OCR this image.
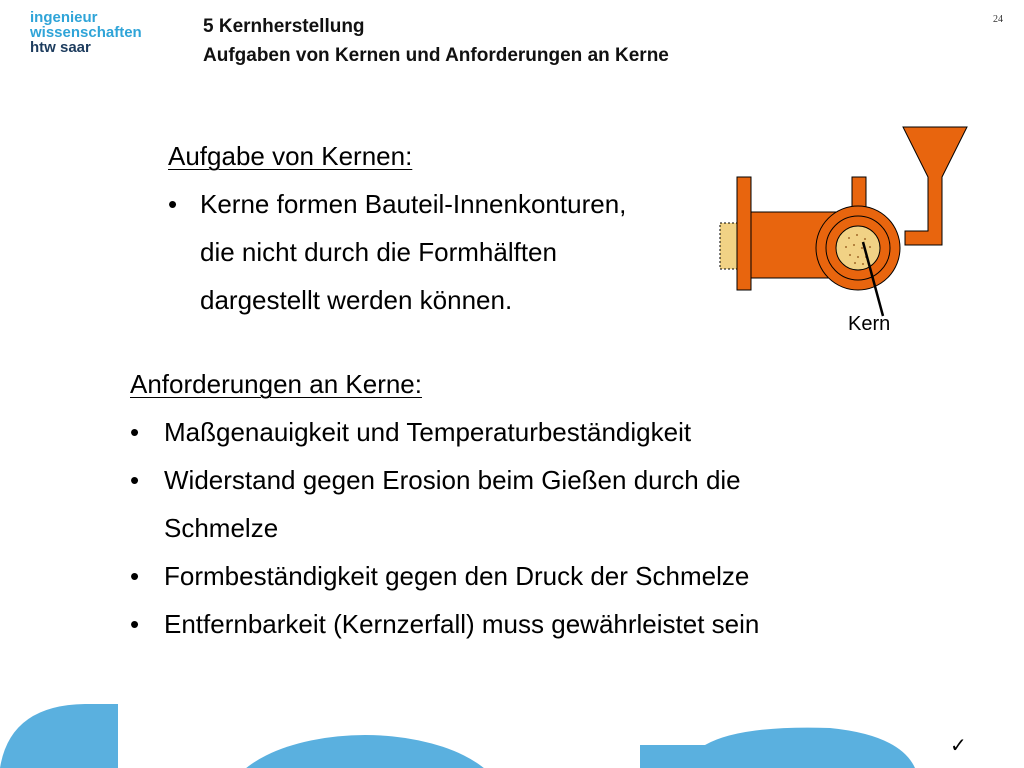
ingenieur
wissenschaften
htw saar
5 Kernherstellung
Aufgaben von Kernen und Anforderungen an Kerne
24
Aufgabe von Kernen:
• Kerne formen Bauteil-Innenkonturen,
die nicht durch die Formhälften
dargestellt werden können.
Kern
Anforderungen an Kerne:
• Maßgenauigkeit und Temperaturbeständigkeit
• Widerstand gegen Erosion beim Gießen durch die
Schmelze
• Formbeständigkeit gegen den Druck der Schmelze
• Entfernbarkeit (Kernzerfall) muss gewährleistet sein
✓
